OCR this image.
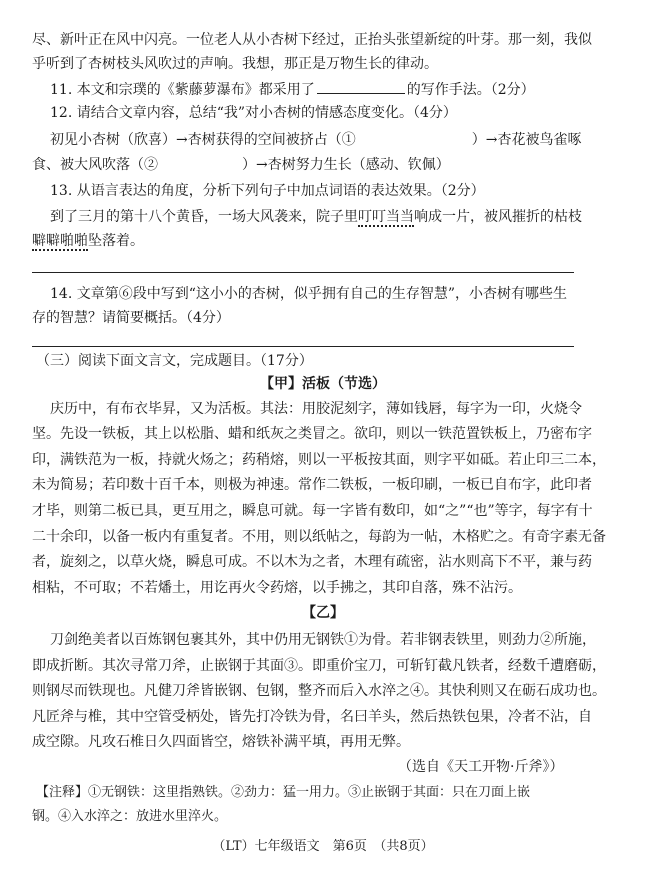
尽、新叶正在风中闪亮。一位老人从小杏树下经过，正抬头张望新绽的叶芽。那一刻，我似
乎听到了杏树枝头风吹过的声响。我想，那正是万物生长的律动。
11. 本文和宗璞的《紫藤萝瀑布》都采用了	的写作手法。（2分）
12. 请结合文章内容，总结“我”对小杏树的情感态度变化。（4分）
初见小杏树（欣喜）→杏树获得的空间被挤占（①	）→杏花被鸟雀啄
食、被大风吹落（②	）→杏树努力生长（感动、钦佩）
13. 从语言表达的角度，分析下列句子中加点词语的表达效果。（2分）
到了三月的第十八个黄昏，一场大风袭来，院子里叮叮当当响成一片，被风摧折的枯枝
噼噼啪啪坠落着。
14. 文章第⑥段中写到“这小小的杏树，似乎拥有自己的生存智慧”，小杏树有哪些生
存的智慧？请简要概括。（4分）
（三）阅读下面文言文，完成题目。（17分）
【甲】活板（节选）
庆历中，有布衣毕昇，又为活板。其法：用胶泥刻字，薄如钱唇，每字为一印，火烧令
坚。先设一铁板，其上以松脂、蜡和纸灰之类冒之。欲印，则以一铁范置铁板上，乃密布字
印，满铁范为一板，持就火炀之；药稍熔，则以一平板按其面，则字平如砥。若止印三二本，
未为简易；若印数十百千本，则极为神速。常作二铁板，一板印刷，一板已自布字，此印者
才毕，则第二板已具，更互用之，瞬息可就。每一字皆有数印，如“之”“也”等字，每字有十
二十余印，以备一板内有重复者。不用，则以纸帖之，每韵为一帖，木格贮之。有奇字素无备
者，旋刻之，以草火烧，瞬息可成。不以木为之者，木理有疏密，沾水则高下不平，兼与药
相粘，不可取；不若燔土，用讫再火令药熔，以手拂之，其印自落，殊不沾污。
【乙】
刀剑绝美者以百炼钢包裹其外，其中仍用无钢铁①为骨。若非钢表铁里，则劲力②所施，
即成折断。其次寻常刀斧，止嵌钢于其面③。即重价宝刀，可斩钉截凡铁者，经数千遭磨砺，
则钢尽而铁现也。凡健刀斧皆嵌钢、包钢，整齐而后入水淬之④。其快利则又在砺石成功也。
凡匠斧与椎，其中空管受柄处，皆先打冷铁为骨，名曰羊头，然后热铁包果，冷者不沾，自
成空隙。凡攻石椎日久四面皆空，熔铁补满平填，再用无弊。
（选自《天工开物·斤斧》）
【注释】①无钢铁：这里指熟铁。②劲力：猛一用力。③止嵌钢于其面：只在刀面上嵌
钢。④入水淬之：放进水里淬火。
（LT）七年级语文　第6页　（共8页）
